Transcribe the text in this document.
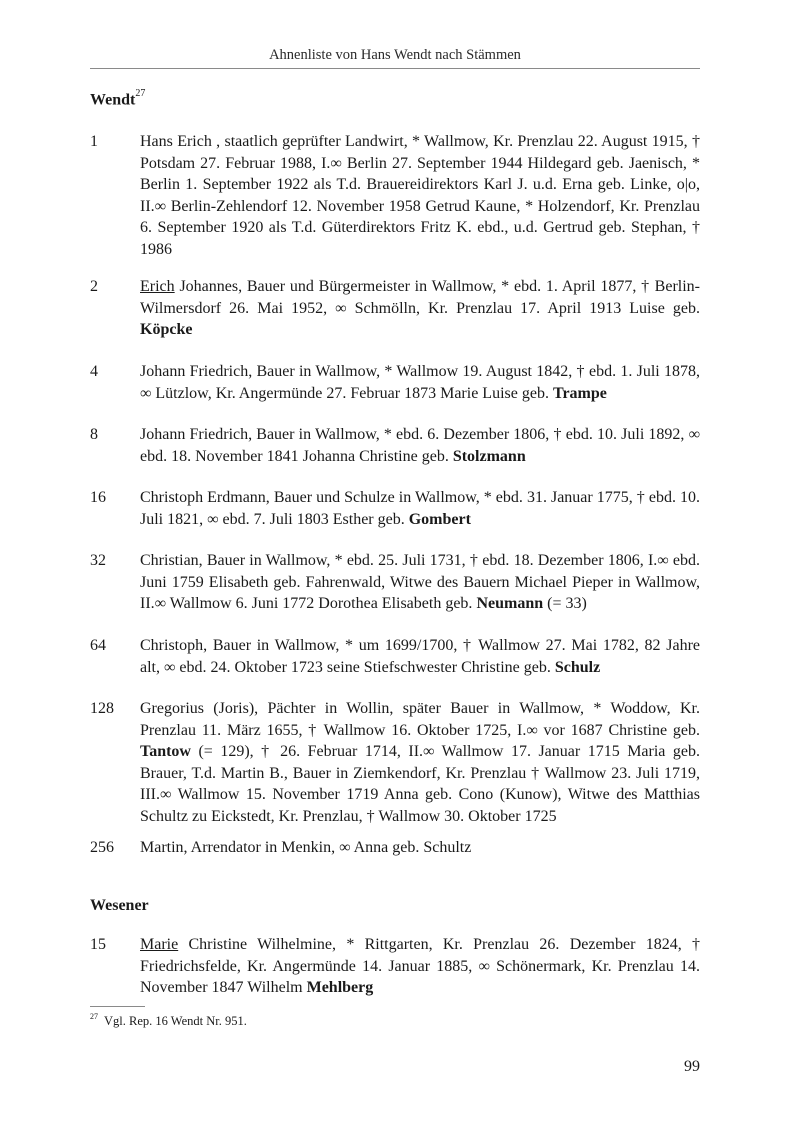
Ahnenliste von Hans Wendt nach Stämmen
Wendt$^{27}$
1	Hans Erich , staatlich geprüfter Landwirt, * Wallmow, Kr. Prenzlau 22. August 1915, † Potsdam 27. Februar 1988, I.∞ Berlin 27. September 1944 Hildegard geb. Jaenisch, * Berlin 1. September 1922 als T.d. Brauereidirektors Karl J. u.d. Erna geb. Linke, o|o, II.∞ Berlin-Zehlendorf 12. November 1958 Getrud Kaune, * Holzendorf, Kr. Prenzlau 6. September 1920 als T.d. Güterdirektors Fritz K. ebd., u.d. Gertrud geb. Stephan, † 1986
2	Erich Johannes, Bauer und Bürgermeister in Wallmow, * ebd. 1. April 1877, † Berlin-Wilmersdorf 26. Mai 1952, ∞ Schmölln, Kr. Prenzlau 17. April 1913 Luise geb. Köpcke
4	Johann Friedrich, Bauer in Wallmow, * Wallmow 19. August 1842, † ebd. 1. Juli 1878, ∞ Lützlow, Kr. Angermünde 27. Februar 1873 Marie Luise geb. Trampe
8	Johann Friedrich, Bauer in Wallmow, * ebd. 6. Dezember 1806, † ebd. 10. Juli 1892, ∞ ebd. 18. November 1841 Johanna Christine geb. Stolzmann
16	Christoph Erdmann, Bauer und Schulze in Wallmow, * ebd. 31. Januar 1775, † ebd. 10. Juli 1821, ∞ ebd. 7. Juli 1803 Esther geb. Gombert
32	Christian, Bauer in Wallmow, * ebd. 25. Juli 1731, † ebd. 18. Dezember 1806, I.∞ ebd. Juni 1759 Elisabeth geb. Fahrenwald, Witwe des Bauern Michael Pieper in Wallmow, II.∞ Wallmow 6. Juni 1772 Dorothea Elisabeth geb. Neumann (= 33)
64	Christoph, Bauer in Wallmow, * um 1699/1700, † Wallmow 27. Mai 1782, 82 Jahre alt, ∞ ebd. 24. Oktober 1723 seine Stiefschwester Christine geb. Schulz
128	Gregorius (Joris), Pächter in Wollin, später Bauer in Wallmow, * Woddow, Kr. Prenzlau 11. März 1655, † Wallmow 16. Oktober 1725, I.∞ vor 1687 Christine geb. Tantow (= 129), † 26. Februar 1714, II.∞ Wallmow 17. Januar 1715 Maria geb. Brauer, T.d. Martin B., Bauer in Ziemkendorf, Kr. Prenzlau † Wallmow 23. Juli 1719, III.∞ Wallmow 15. November 1719 Anna geb. Cono (Kunow), Witwe des Matthias Schultz zu Eickstedt, Kr. Prenzlau, † Wallmow 30. Oktober 1725
256	Martin, Arrendator in Menkin, ∞ Anna geb. Schultz
Wesener
15	Marie Christine Wilhelmine, * Rittgarten, Kr. Prenzlau 26. Dezember 1824, † Friedrichsfelde, Kr. Angermünde 14. Januar 1885, ∞ Schönermark, Kr. Prenzlau 14. November 1847 Wilhelm Mehlberg
$^{27}$ Vgl. Rep. 16 Wendt Nr. 951.
99
